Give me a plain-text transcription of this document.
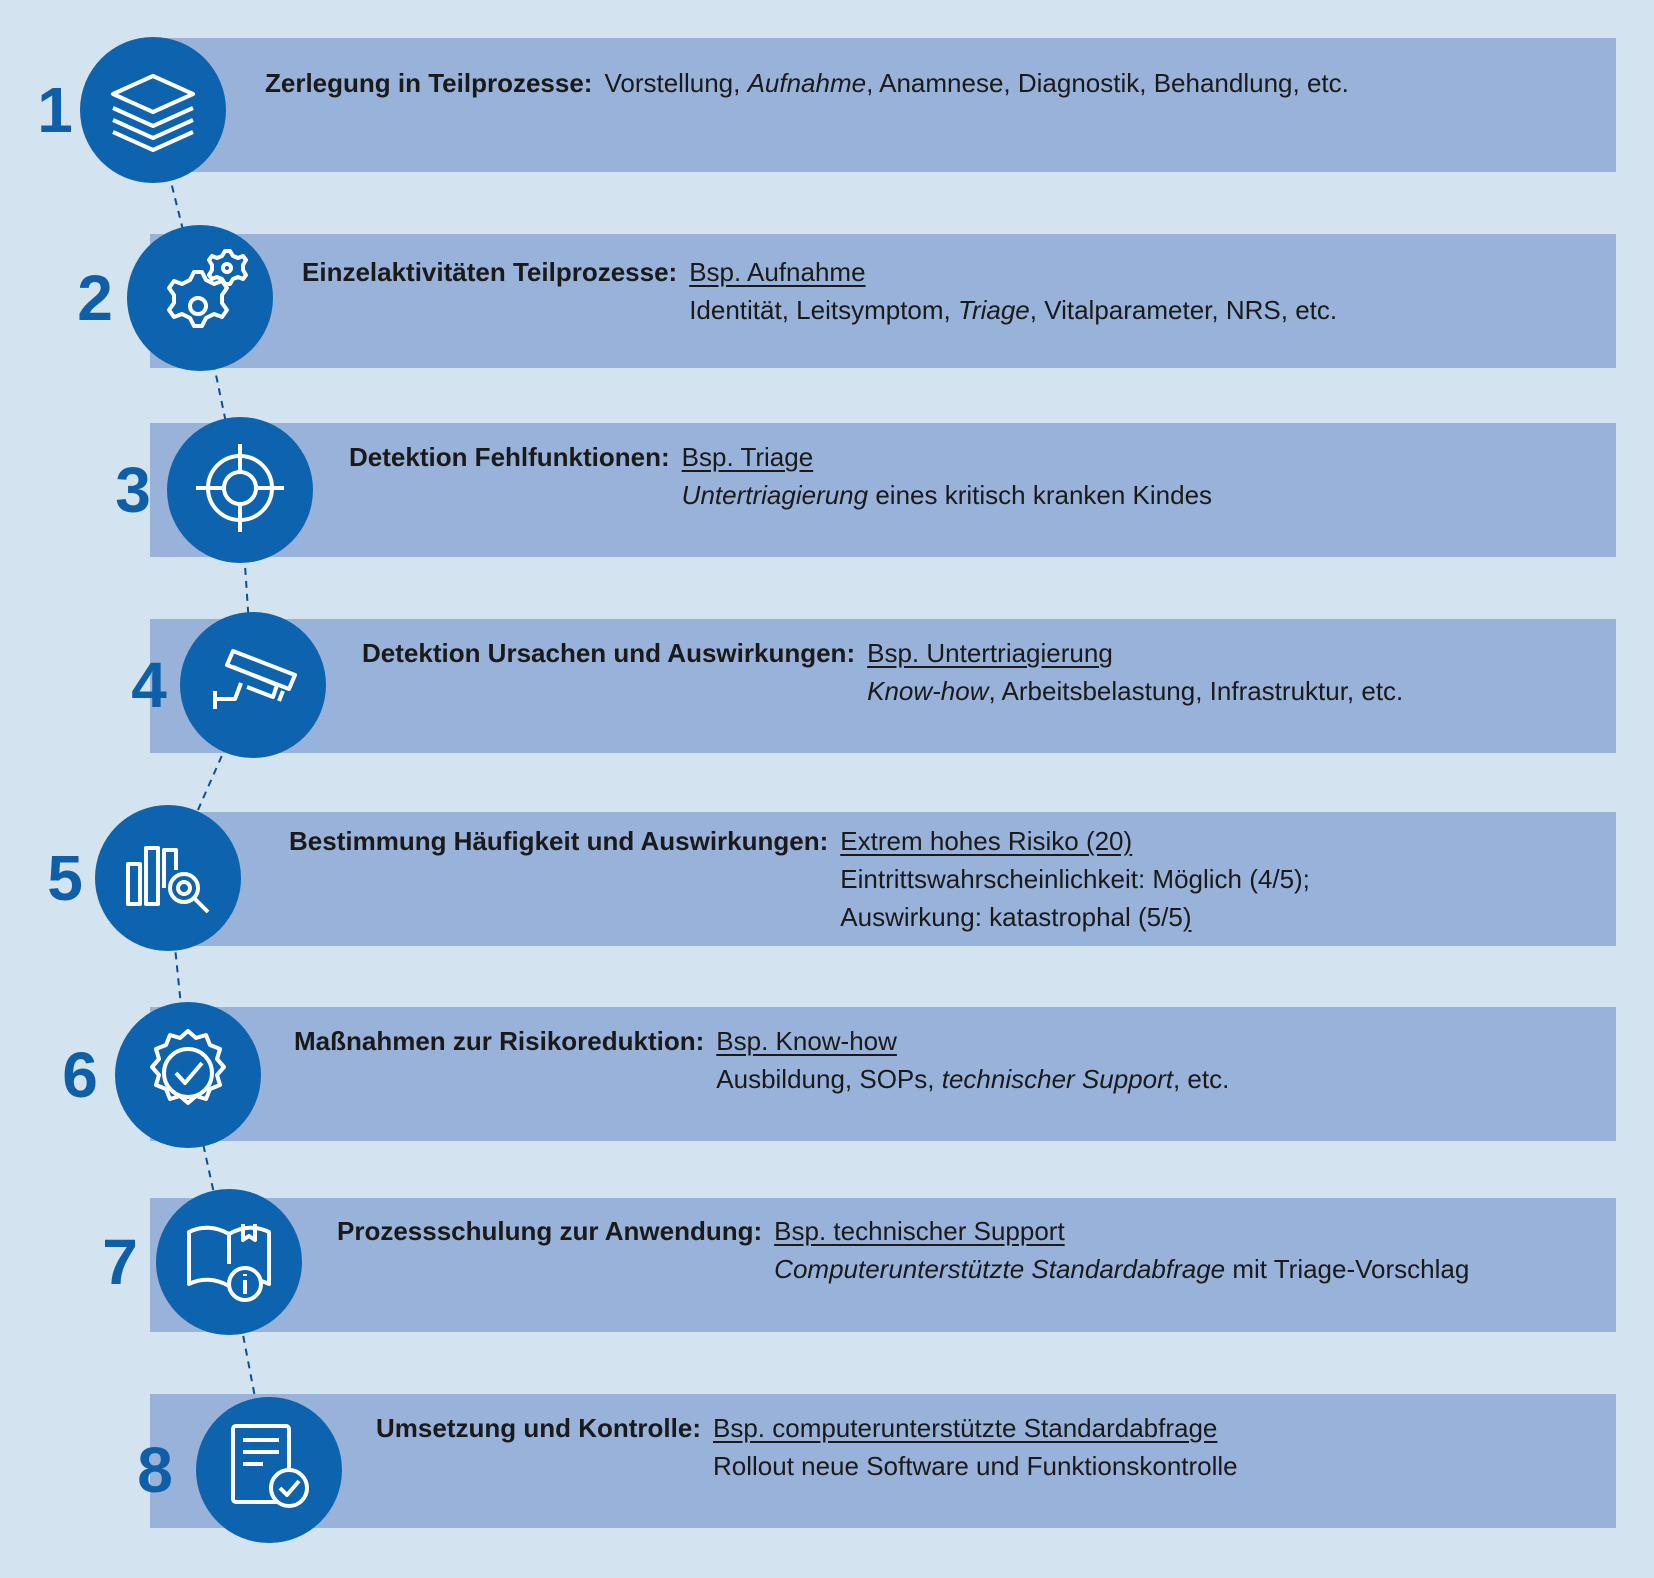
1	Zerlegung in Teilprozesse: Vorstellung, Aufnahme, Anamnese, Diagnostik, Behandlung, etc.
2	Einzelaktivitäten Teilprozesse: Bsp. Aufnahme
Identität, Leitsymptom, Triage, Vitalparameter, NRS, etc.
3	Detektion Fehlfunktionen: Bsp. Triage
Untertriagierung eines kritisch kranken Kindes
4	Detektion Ursachen und Auswirkungen: Bsp. Untertriagierung
Know-how, Arbeitsbelastung, Infrastruktur, etc.
5
Bestimmung Häufigkeit und Auswirkungen: Extrem hohes Risiko (20)
Eintrittswahrscheinlichkeit: Möglich (4/5);
Auswirkung: katastrophal (5/5)
6	Maßnahmen zur Risikoreduktion: Bsp. Know-how
Ausbildung, SOPs, technischer Support, etc.
7	Prozessschulung zur Anwendung: Bsp. technischer Support
Computerunterstützte Standardabfrage mit Triage-Vorschlag
8
Umsetzung und Kontrolle: Bsp. computerunterstützte Standardabfrage
Rollout neue Software und Funktionskontrolle
